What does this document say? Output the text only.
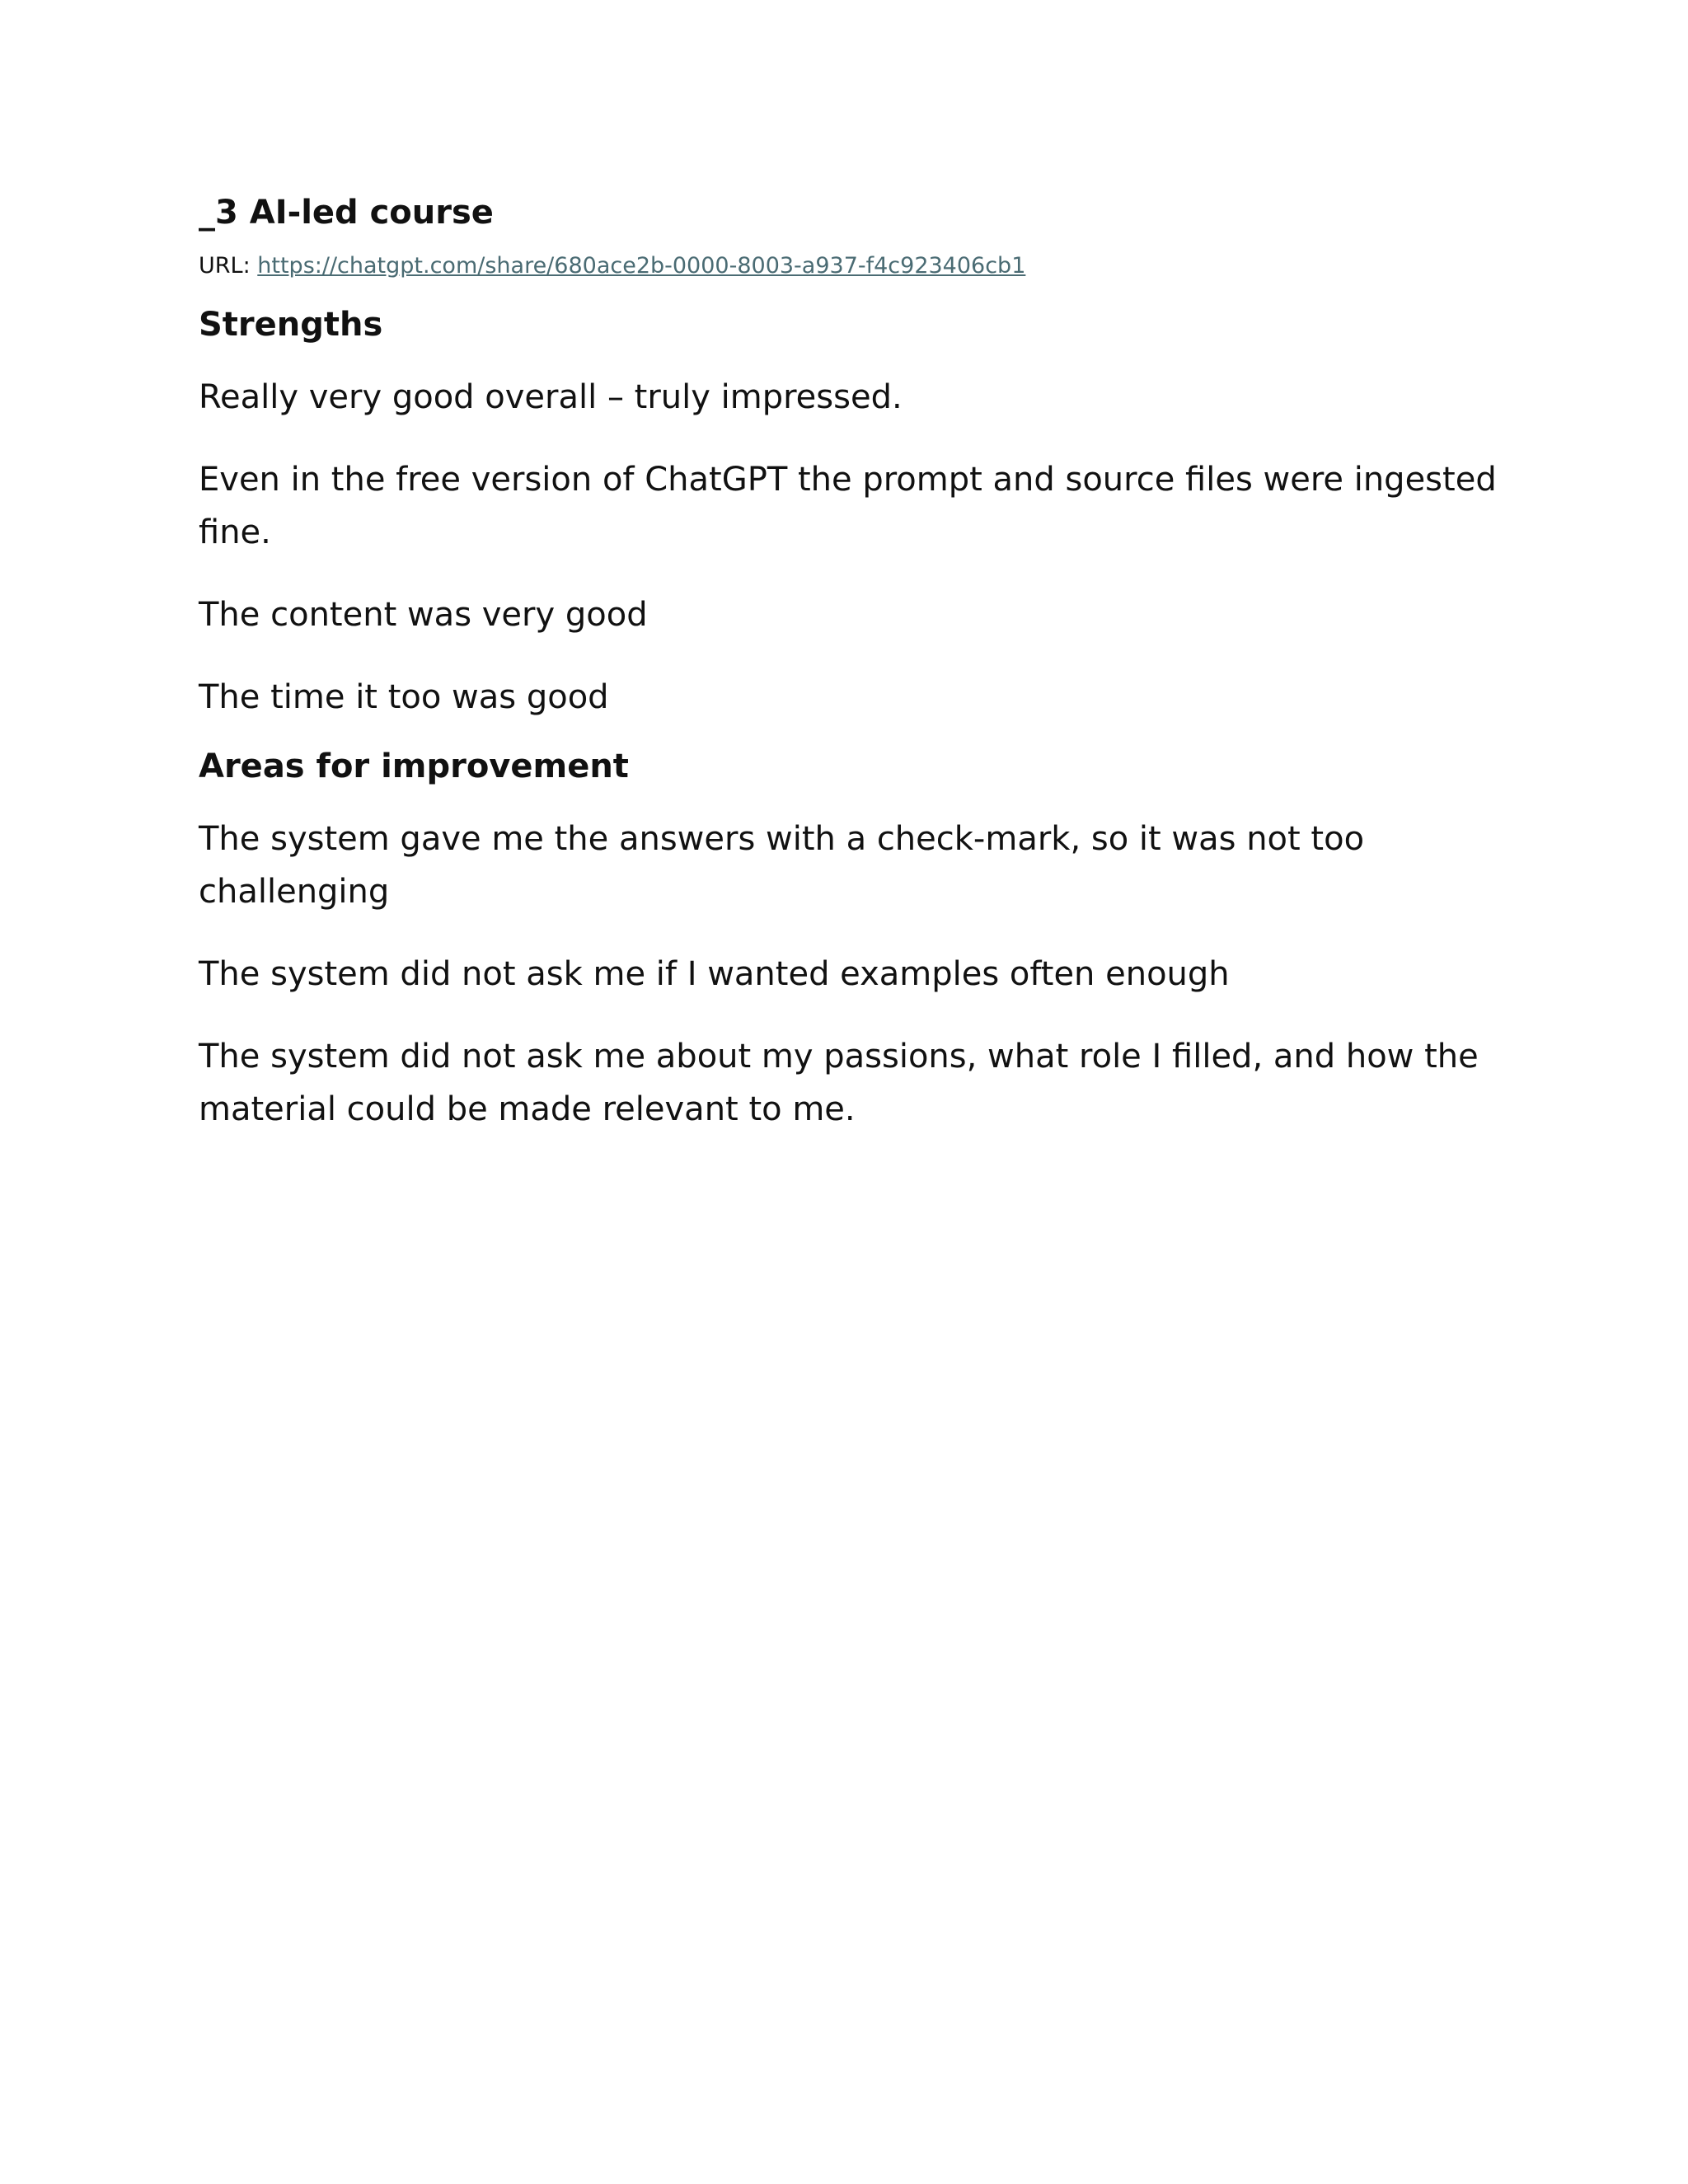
_3 AI-led course

URL: https://chatgpt.com/share/680ace2b-0000-8003-a937-f4c923406cb1

Strengths

Really very good overall – truly impressed.

Even in the free version of ChatGPT the prompt and source files were ingested fine.

The content was very good

The time it too was good

Areas for improvement

The system gave me the answers with a check-mark, so it was not too challenging

The system did not ask me if I wanted examples often enough

The system did not ask me about my passions, what role I filled, and how the material could be made relevant to me.
